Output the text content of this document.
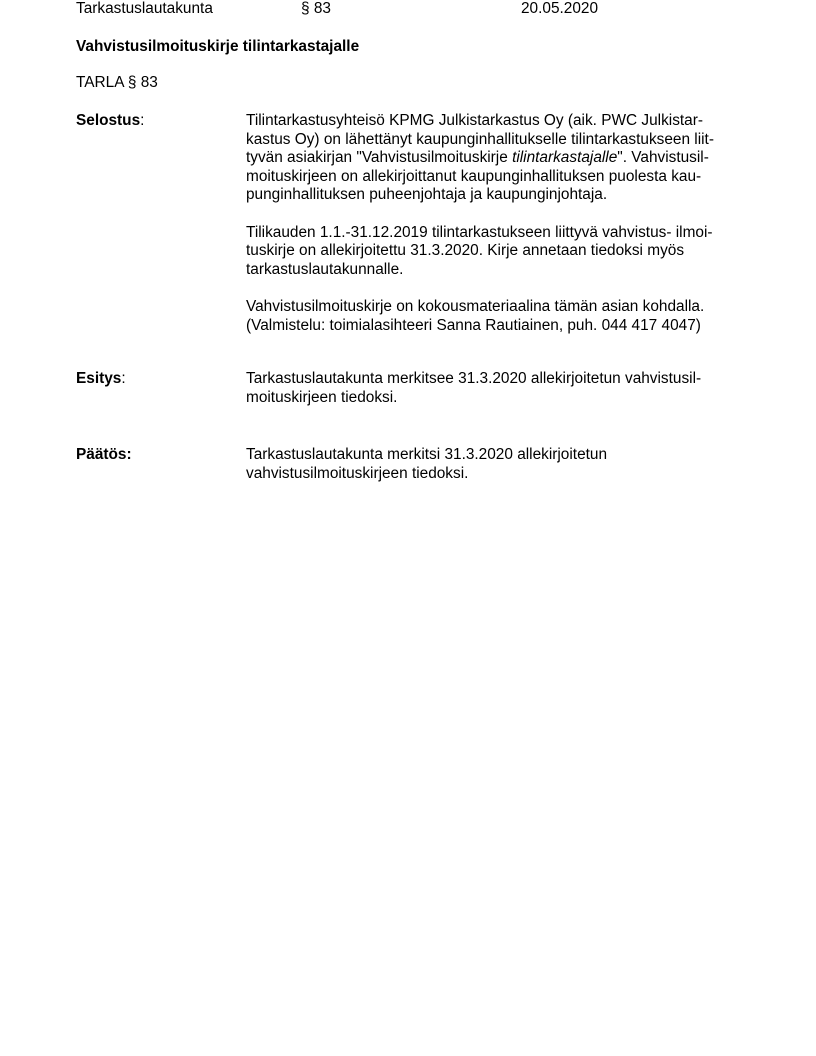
Tarkastuslautakunta	§ 83	20.05.2020
Vahvistusilmoituskirje tilintarkastajalle
TARLA § 83
Selostus:	Tilintarkastusyhteisö KPMG Julkistarkastus Oy (aik. PWC Julkistar-
kastus Oy) on lähettänyt kaupunginhallitukselle tilintarkastukseen liit-
tyvän asiakirjan "Vahvistusilmoituskirje tilintarkastajalle". Vahvistusil-
moituskirjeen on allekirjoittanut kaupunginhallituksen puolesta kau-
punginhallituksen puheenjohtaja ja kaupunginjohtaja.

Tilikauden 1.1.-31.12.2019 tilintarkastukseen liittyvä vahvistus- ilmoi-
tuskirje on allekirjoitettu 31.3.2020. Kirje annetaan tiedoksi myös
tarkastuslautakunnalle.

Vahvistusilmoituskirje on kokousmateriaalina tämän asian kohdalla.
(Valmistelu: toimialasihteeri Sanna Rautiainen, puh. 044 417 4047)

Esitys:	Tarkastuslautakunta merkitsee 31.3.2020 allekirjoitetun vahvistusil-
moituskirjeen tiedoksi.

Päätös:	Tarkastuslautakunta merkitsi 31.3.2020 allekirjoitetun
vahvistusilmoituskirjeen tiedoksi.
